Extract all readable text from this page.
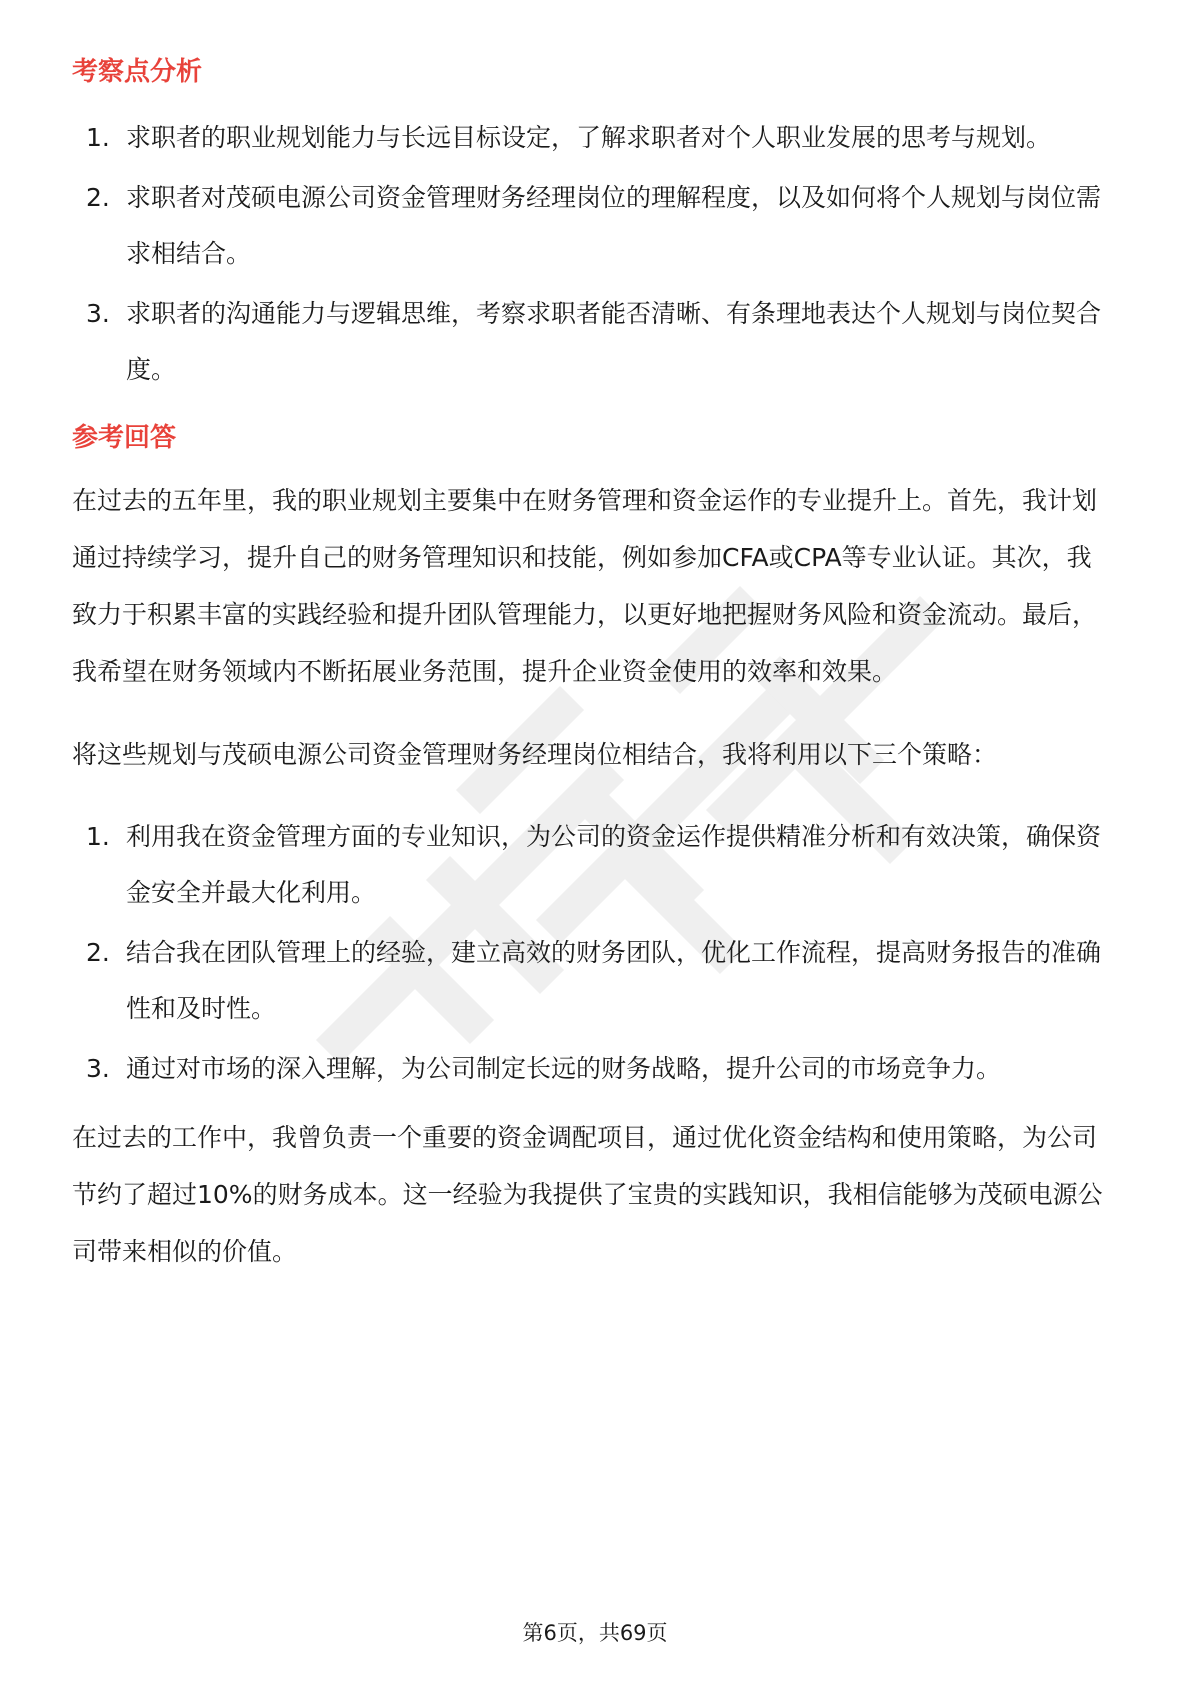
考察点分析
1. 求职者的职业规划能力与长远目标设定，了解求职者对个人职业发展的思考与规划。
2. 求职者对茂硕电源公司资金管理财务经理岗位的理解程度，以及如何将个人规划与岗位需求相结合。
3. 求职者的沟通能力与逻辑思维，考察求职者能否清晰、有条理地表达个人规划与岗位契合度。
参考回答

在过去的五年里，我的职业规划主要集中在财务管理和资金运作的专业提升上。首先，我计划通过持续学习，提升自己的财务管理知识和技能，例如参加CFA或CPA等专业认证。其次，我致力于积累丰富的实践经验和提升团队管理能力，以更好地把握财务风险和资金流动。最后，我希望在财务领域内不断拓展业务范围，提升企业资金使用的效率和效果。

将这些规划与茂硕电源公司资金管理财务经理岗位相结合，我将利用以下三个策略：

1. 利用我在资金管理方面的专业知识，为公司的资金运作提供精准分析和有效决策，确保资金安全并最大化利用。
2. 结合我在团队管理上的经验，建立高效的财务团队，优化工作流程，提高财务报告的准确性和及时性。
3. 通过对市场的深入理解，为公司制定长远的财务战略，提升公司的市场竞争力。

在过去的工作中，我曾负责一个重要的资金调配项目，通过优化资金结构和使用策略，为公司节约了超过10%的财务成本。这一经验为我提供了宝贵的实践知识，我相信能够为茂硕电源公司带来相似的价值。

第6页，共69页
